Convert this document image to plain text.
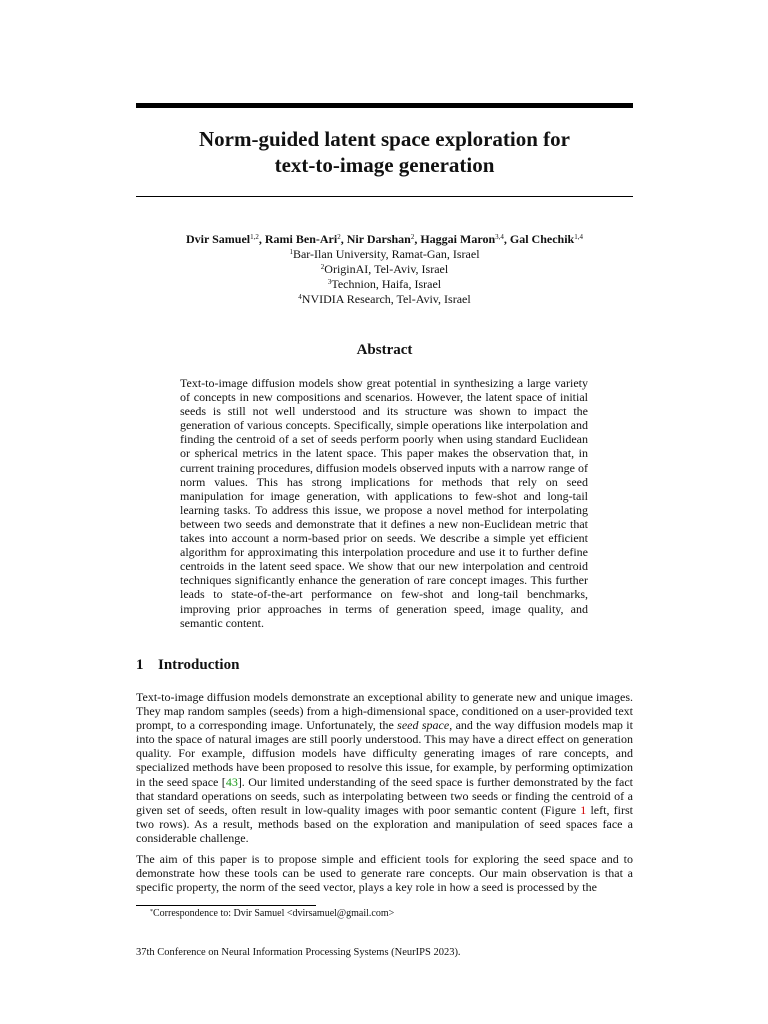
Norm-guided latent space exploration for
text-to-image generation
Dvir Samuel$^{1,2}$, Rami Ben-Ari$^2$, Nir Darshan$^2$, Haggai Maron$^{3,4}$, Gal Chechik$^{1,4}$
$^1$Bar-Ilan University, Ramat-Gan, Israel
$^2$OriginAI, Tel-Aviv, Israel
$^3$Technion, Haifa, Israel
$^4$NVIDIA Research, Tel-Aviv, Israel
Abstract
Text-to-image diffusion models show great potential in synthesizing a large variety of concepts in new compositions and scenarios. However, the latent space of initial seeds is still not well understood and its structure was shown to impact the generation of various concepts. Specifically, simple operations like interpolation and finding the centroid of a set of seeds perform poorly when using standard Euclidean or spherical metrics in the latent space. This paper makes the observation that, in current training procedures, diffusion models observed inputs with a narrow range of norm values. This has strong implications for methods that rely on seed manipulation for image generation, with applications to few-shot and long-tail learning tasks. To address this issue, we propose a novel method for interpolating between two seeds and demonstrate that it defines a new non-Euclidean metric that takes into account a norm-based prior on seeds. We describe a simple yet efficient algorithm for approximating this interpolation procedure and use it to further define centroids in the latent seed space. We show that our new interpolation and centroid techniques significantly enhance the generation of rare concept images. This further leads to state-of-the-art performance on few-shot and long-tail benchmarks, improving prior approaches in terms of generation speed, image quality, and semantic content.
1 Introduction

Text-to-image diffusion models demonstrate an exceptional ability to generate new and unique images. They map random samples (seeds) from a high-dimensional space, conditioned on a user-provided text prompt, to a corresponding image. Unfortunately, the seed space, and the way diffusion models map it into the space of natural images are still poorly understood. This may have a direct effect on generation quality. For example, diffusion models have difficulty generating images of rare concepts, and specialized methods have been proposed to resolve this issue, for example, by performing optimization in the seed space [43]. Our limited understanding of the seed space is further demonstrated by the fact that standard operations on seeds, such as interpolating between two seeds or finding the centroid of a given set of seeds, often result in low-quality images with poor semantic content (Figure 1 left, first two rows). As a result, methods based on the exploration and manipulation of seed spaces face a considerable challenge.

The aim of this paper is to propose simple and efficient tools for exploring the seed space and to demonstrate how these tools can be used to generate rare concepts. Our main observation is that a specific property, the norm of the seed vector, plays a key role in how a seed is processed by the

*Correspondence to: Dvir Samuel <dvirsamuel@gmail.com>
37th Conference on Neural Information Processing Systems (NeurIPS 2023).
